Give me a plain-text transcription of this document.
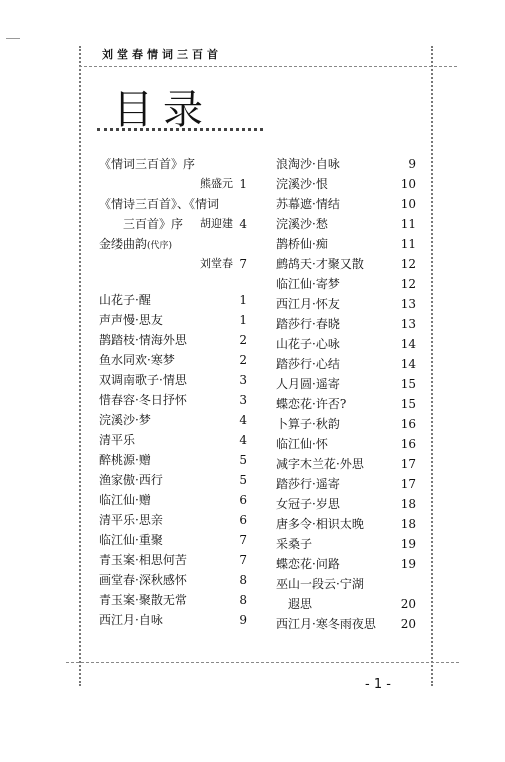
刘堂春情词三百首
目录
《情词三百首》序
熊盛元 1
《情诗三百首》、《情词
三百首》序 胡迎建 4
金缕曲韵(代序)
刘堂春 7
山花子·醒	1
声声慢·思友	1
鹊踏枝·情海外思	2
鱼水同欢·寒梦	2
双调南歌子·情思	3
惜春容·冬日抒怀	3
浣溪沙·梦	4
清平乐	4
醉桃源·赠	5
渔家傲·西行	5
临江仙·赠	6
清平乐·思亲	6
临江仙·重聚	7
青玉案·相思何苦	7
画堂春·深秋感怀	8
青玉案·聚散无常	8
西江月·自咏	9
浪淘沙·自咏	9
浣溪沙·恨	10
苏幕遮·情结	10
浣溪沙·愁	11
鹊桥仙·痴	11
鹧鸪天·才聚又散	12
临江仙·寄梦	12
西江月·怀友	13
踏莎行·春晓	13
山花子·心咏	14
踏莎行·心结	14
人月圆·遥寄	15
蝶恋花·许否?	15
卜算子·秋韵	16
临江仙·怀	16
减字木兰花·外思	17
踏莎行·遥寄	17
女冠子·岁思	18
唐多令·相识太晚	18
采桑子	19
蝶恋花·问路	19
巫山一段云·宁湖
遐思	20
西江月·寒冬雨夜思 20
- 1 -
